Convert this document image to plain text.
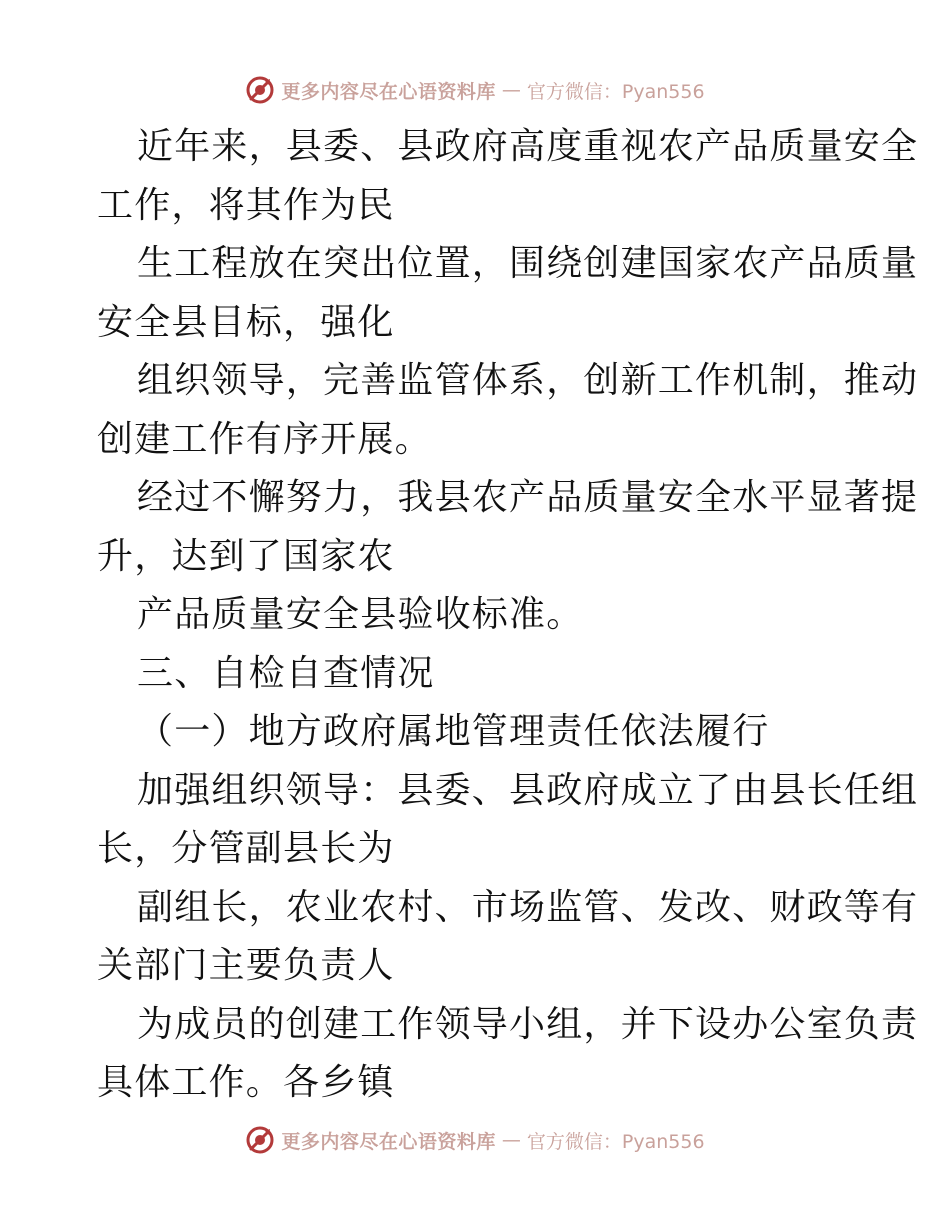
更多内容尽在心语资料库 — 官方微信：Pyan556
近年来，县委、县政府高度重视农产品质量安全
工作，将其作为民
生工程放在突出位置，围绕创建国家农产品质量
安全县目标，强化
组织领导，完善监管体系，创新工作机制，推动
创建工作有序开展。
经过不懈努力，我县农产品质量安全水平显著提
升，达到了国家农
产品质量安全县验收标准。
三、自检自查情况
（一）地方政府属地管理责任依法履行
加强组织领导：县委、县政府成立了由县长任组
长，分管副县长为
副组长，农业农村、市场监管、发改、财政等有
关部门主要负责人
为成员的创建工作领导小组，并下设办公室负责
具体工作。各乡镇
更多内容尽在心语资料库 — 官方微信：Pyan556
